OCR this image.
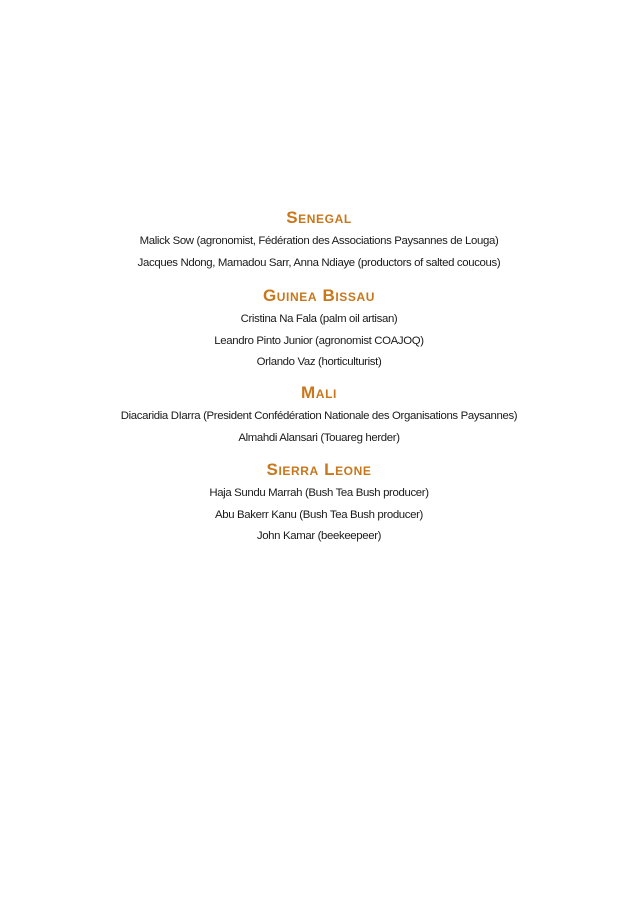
Senegal

Malick Sow (agronomist, Fédération des Associations Paysannes de Louga)

Jacques Ndong, Mamadou Sarr, Anna Ndiaye (productors of salted coucous)

Guinea Bissau

Cristina Na Fala (palm oil artisan)

Leandro Pinto Junior (agronomist COAJOQ)

Orlando Vaz (horticulturist)

Mali

Diacaridia DIarra (President Confédération Nationale des Organisations Paysannes)

Almahdi Alansari (Touareg herder)

Sierra Leone

Haja Sundu Marrah (Bush Tea Bush producer)

Abu Bakerr Kanu (Bush Tea Bush producer)

John Kamar (beekeepeer)
